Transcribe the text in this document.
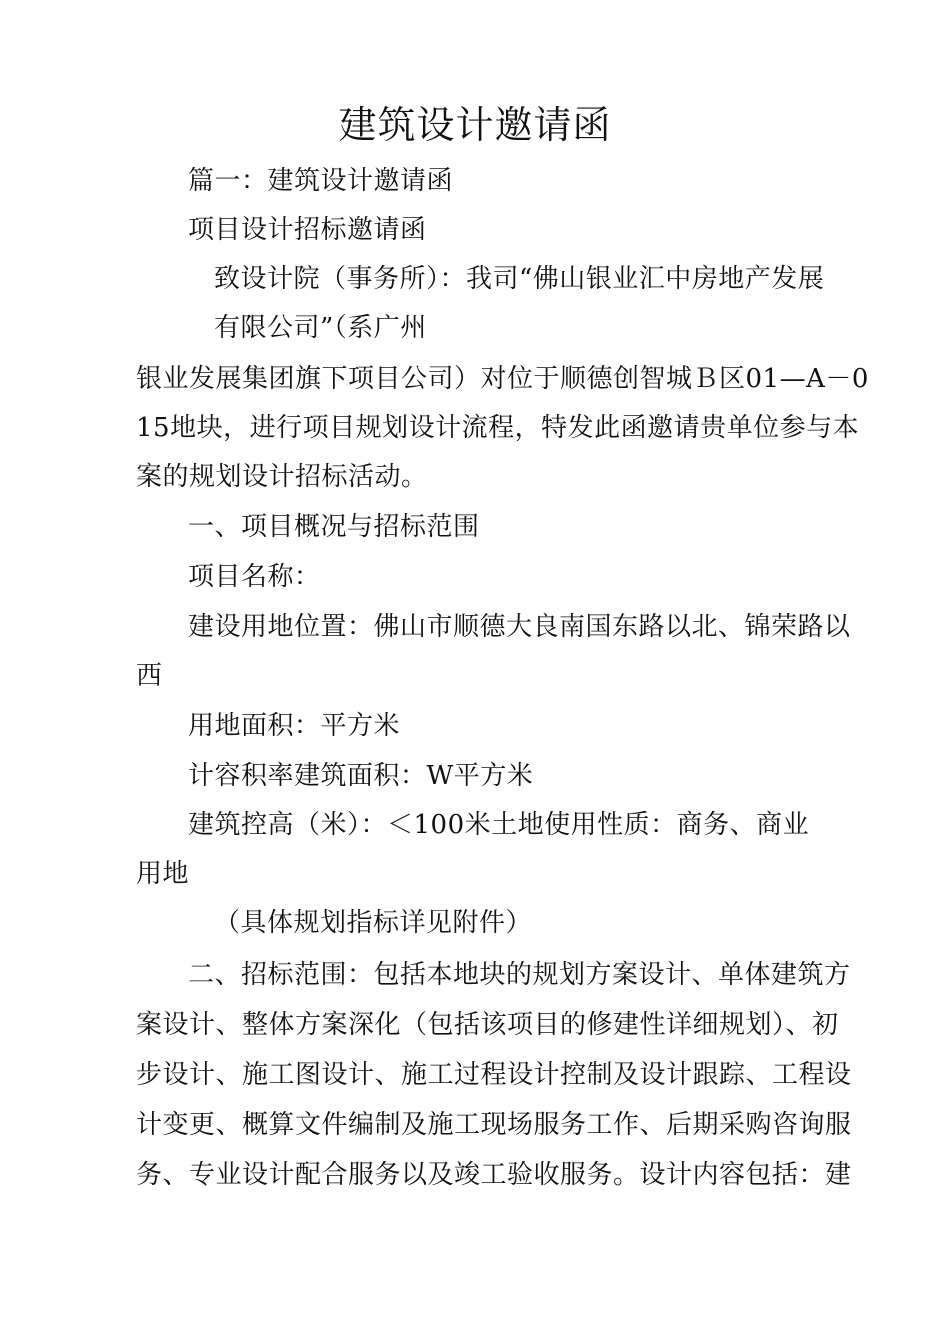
建筑设计邀请函
篇一：建筑设计邀请函
项目设计招标邀请函
致设计院（事务所）：我司“佛山银业汇中房地产发展
有限公司”（系广州
银业发展集团旗下项目公司）对位于顺德创智城Ｂ区01—A－0
15地块，进行项目规划设计流程，特发此函邀请贵单位参与本
案的规划设计招标活动。
一、项目概况与招标范围
项目名称：
建设用地位置：佛山市顺德大良南国东路以北、锦荣路以
西
用地面积：平方米
计容积率建筑面积：W平方米
建筑控高（米）：＜100米土地使用性质：商务、商业
用地
（具体规划指标详见附件）
二、招标范围：包括本地块的规划方案设计、单体建筑方
案设计、整体方案深化（包括该项目的修建性详细规划）、初
步设计、施工图设计、施工过程设计控制及设计跟踪、工程设
计变更、概算文件编制及施工现场服务工作、后期采购咨询服
务、专业设计配合服务以及竣工验收服务。设计内容包括：建
